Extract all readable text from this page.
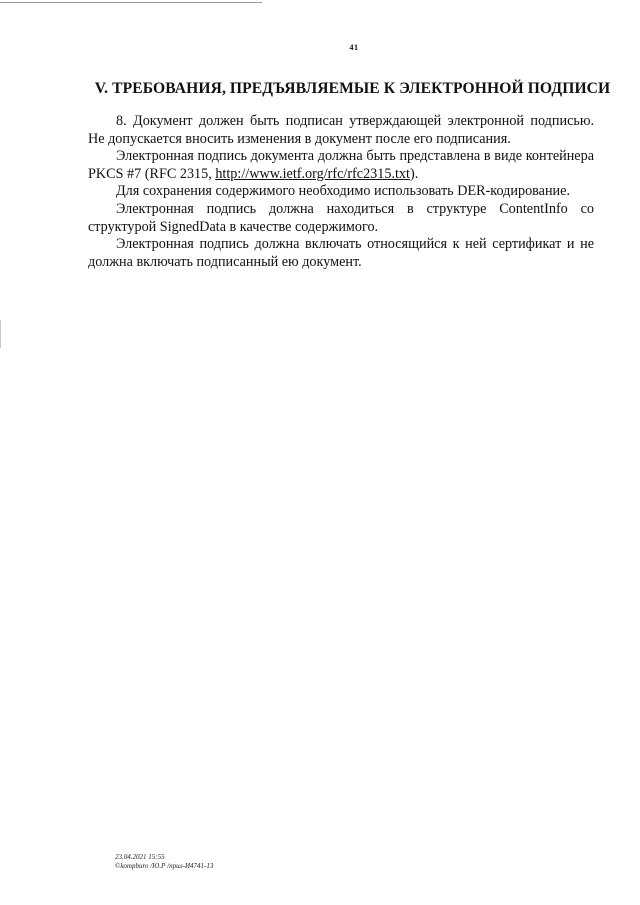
41
V. ТРЕБОВАНИЯ, ПРЕДЪЯВЛЯЕМЫЕ К ЭЛЕКТРОННОЙ ПОДПИСИ

8. Документ должен быть подписан утверждающей электронной подписью. Не допускается вносить изменения в документ после его подписания.

Электронная подпись документа должна быть представлена в виде контейнера PKCS #7 (RFC 2315, http://www.ietf.org/rfc/rfc2315.txt).

Для сохранения содержимого необходимо использовать DER-кодирование.

Электронная подпись должна находиться в структуре ContentInfo со структурой SignedData в качестве содержимого.

Электронная подпись должна включать относящийся к ней сертификат и не должна включать подписанный ею документ.

23.04.2021 15:55
©kompburo /Ю.Р /прил-И4741-13
